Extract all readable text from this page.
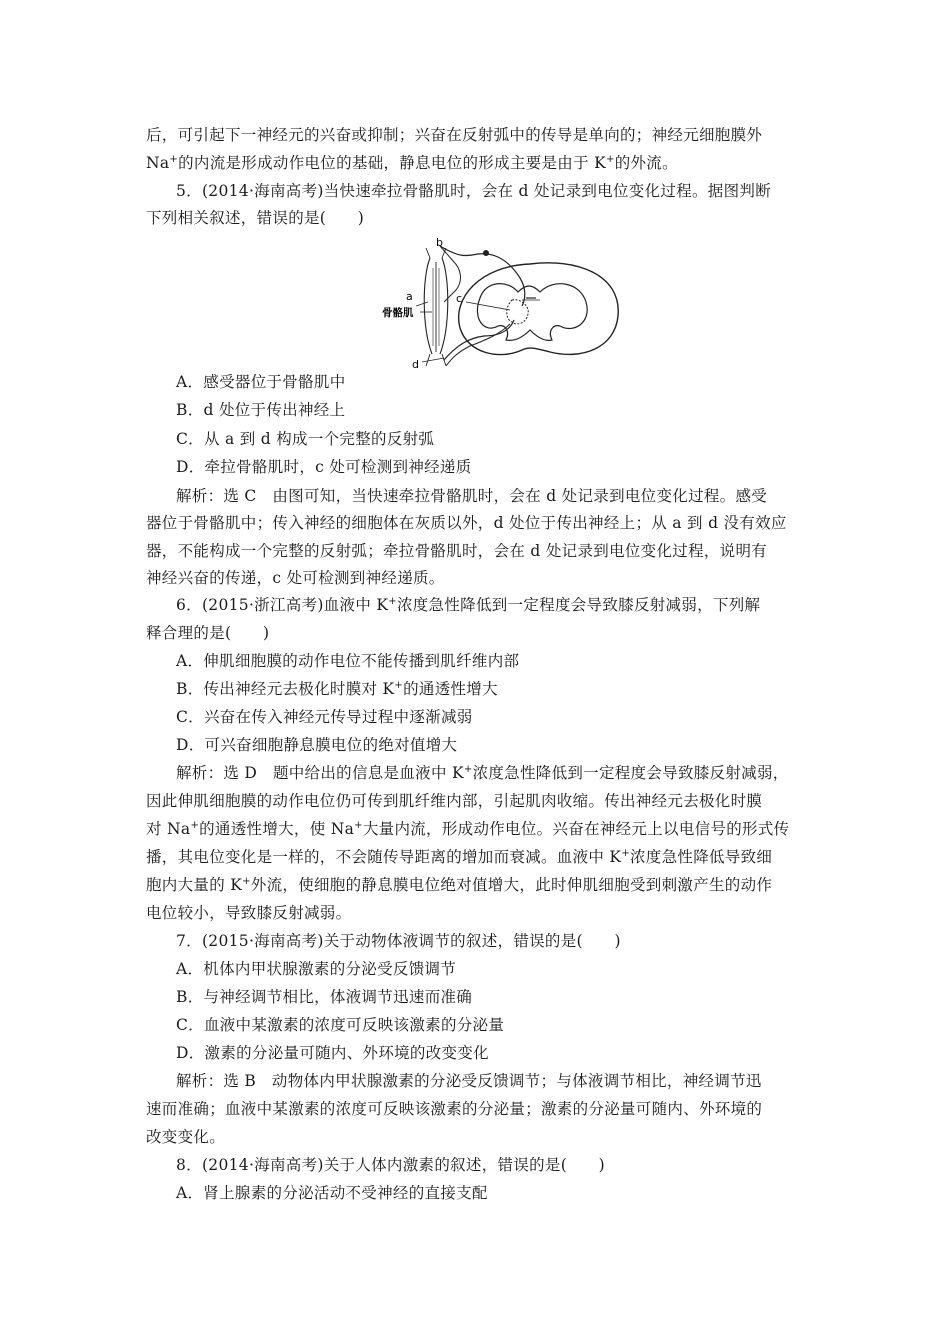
后，可引起下一神经元的兴奋或抑制；兴奋在反射弧中的传导是单向的；神经元细胞膜外
Na+的内流是形成动作电位的基础，静息电位的形成主要是由于 K+的外流。
5．(2014·海南高考)当快速牵拉骨骼肌时，会在 d 处记录到电位变化过程。据图判断
下列相关叙述，错误的是(　　)
b
a	c
d
骨骼肌
A．感受器位于骨骼肌中
B．d 处位于传出神经上
C．从 a 到 d 构成一个完整的反射弧
D．牵拉骨骼肌时，c 处可检测到神经递质
解析：选 C　由图可知，当快速牵拉骨骼肌时，会在 d 处记录到电位变化过程。感受
器位于骨骼肌中；传入神经的细胞体在灰质以外，d 处位于传出神经上；从 a 到 d 没有效应
器，不能构成一个完整的反射弧；牵拉骨骼肌时，会在 d 处记录到电位变化过程，说明有
神经兴奋的传递，c 处可检测到神经递质。
6．(2015·浙江高考)血液中 K+浓度急性降低到一定程度会导致膝反射减弱，下列解
释合理的是(　　)
A．伸肌细胞膜的动作电位不能传播到肌纤维内部
B．传出神经元去极化时膜对 K+的通透性增大
C．兴奋在传入神经元传导过程中逐渐减弱
D．可兴奋细胞静息膜电位的绝对值增大
解析：选 D　题中给出的信息是血液中 K+浓度急性降低到一定程度会导致膝反射减弱，
因此伸肌细胞膜的动作电位仍可传到肌纤维内部，引起肌肉收缩。传出神经元去极化时膜
对 Na+的通透性增大，使 Na+大量内流，形成动作电位。兴奋在神经元上以电信号的形式传
播，其电位变化是一样的，不会随传导距离的增加而衰减。血液中 K+浓度急性降低导致细
胞内大量的 K+外流，使细胞的静息膜电位绝对值增大，此时伸肌细胞受到刺激产生的动作
电位较小，导致膝反射减弱。
7．(2015·海南高考)关于动物体液调节的叙述，错误的是(　　)
A．机体内甲状腺激素的分泌受反馈调节
B．与神经调节相比，体液调节迅速而准确
C．血液中某激素的浓度可反映该激素的分泌量
D．激素的分泌量可随内、外环境的改变变化
解析：选 B　动物体内甲状腺激素的分泌受反馈调节；与体液调节相比，神经调节迅
速而准确；血液中某激素的浓度可反映该激素的分泌量；激素的分泌量可随内、外环境的
改变变化。
8．(2014·海南高考)关于人体内激素的叙述，错误的是(　　)
A．肾上腺素的分泌活动不受神经的直接支配
